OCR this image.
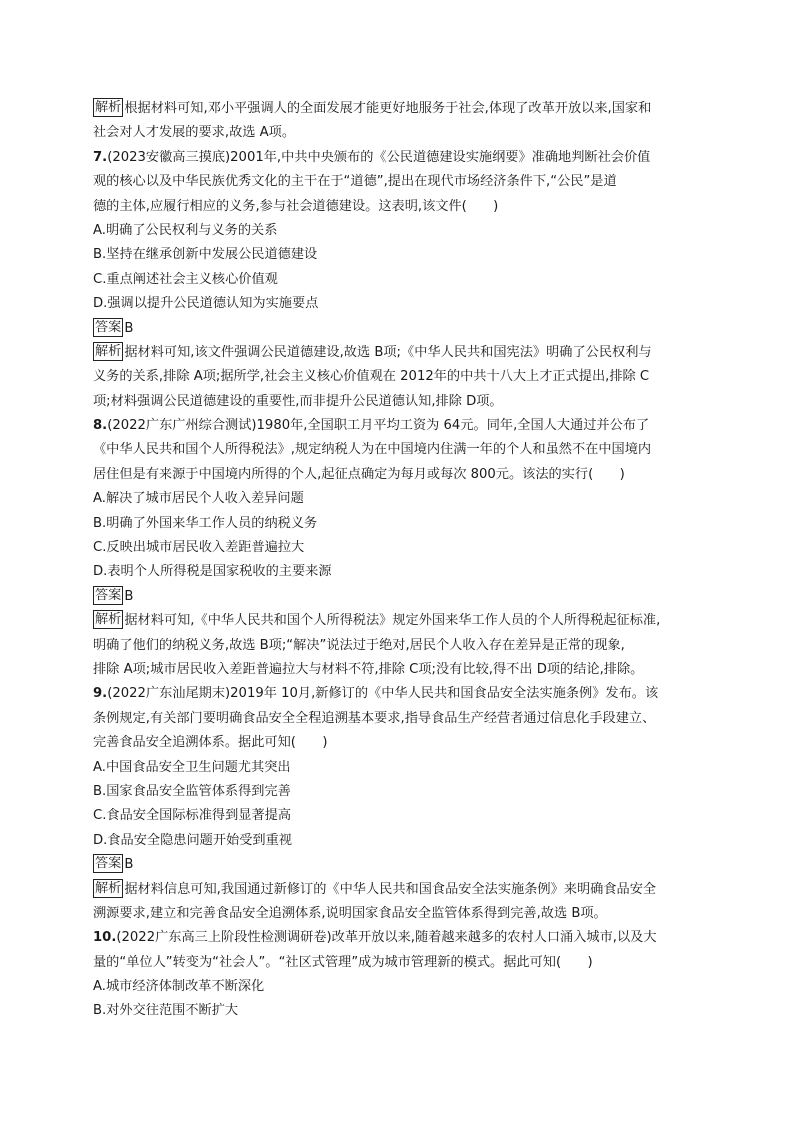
解析 根据材料可知,邓小平强调人的全面发展才能更好地服务于社会,体现了改革开放以来,国家和
社会对人才发展的要求,故选 A项。
7.(2023安徽高三摸底)2001年,中共中央颁布的《公民道德建设实施纲要》准确地判断社会价值
观的核心以及中华民族优秀文化的主干在于“道德”,提出在现代市场经济条件下,“公民”是道
德的主体,应履行相应的义务,参与社会道德建设。这表明,该文件(　　)
A.明确了公民权利与义务的关系
B.坚持在继承创新中发展公民道德建设
C.重点阐述社会主义核心价值观
D.强调以提升公民道德认知为实施要点
答案 B
解析 据材料可知,该文件强调公民道德建设,故选 B项;《中华人民共和国宪法》明确了公民权利与
义务的关系,排除 A项;据所学,社会主义核心价值观在 2012年的中共十八大上才正式提出,排除 C
项;材料强调公民道德建设的重要性,而非提升公民道德认知,排除 D项。
8.(2022广东广州综合测试)1980年,全国职工月平均工资为 64元。同年,全国人大通过并公布了
《中华人民共和国个人所得税法》,规定纳税人为在中国境内住满一年的个人和虽然不在中国境内
居住但是有来源于中国境内所得的个人,起征点确定为每月或每次 800元。该法的实行(　　)
A.解决了城市居民个人收入差异问题
B.明确了外国来华工作人员的纳税义务
C.反映出城市居民收入差距普遍拉大
D.表明个人所得税是国家税收的主要来源
答案 B
解析 据材料可知,《中华人民共和国个人所得税法》规定外国来华工作人员的个人所得税起征标准,
明确了他们的纳税义务,故选 B项;“解决”说法过于绝对,居民个人收入存在差异是正常的现象,
排除 A项;城市居民收入差距普遍拉大与材料不符,排除 C项;没有比较,得不出 D项的结论,排除。
9.(2022广东汕尾期末)2019年 10月,新修订的《中华人民共和国食品安全法实施条例》发布。该
条例规定,有关部门要明确食品安全全程追溯基本要求,指导食品生产经营者通过信息化手段建立、
完善食品安全追溯体系。据此可知(　　)
A.中国食品安全卫生问题尤其突出
B.国家食品安全监管体系得到完善
C.食品安全国际标准得到显著提高
D.食品安全隐患问题开始受到重视
答案 B
解析 据材料信息可知,我国通过新修订的《中华人民共和国食品安全法实施条例》来明确食品安全
溯源要求,建立和完善食品安全追溯体系,说明国家食品安全监管体系得到完善,故选 B项。
10.(2022广东高三上阶段性检测调研卷)改革开放以来,随着越来越多的农村人口涌入城市,以及大
量的“单位人”转变为“社会人”。“社区式管理”成为城市管理新的模式。据此可知(　　)
A.城市经济体制改革不断深化
B.对外交往范围不断扩大
